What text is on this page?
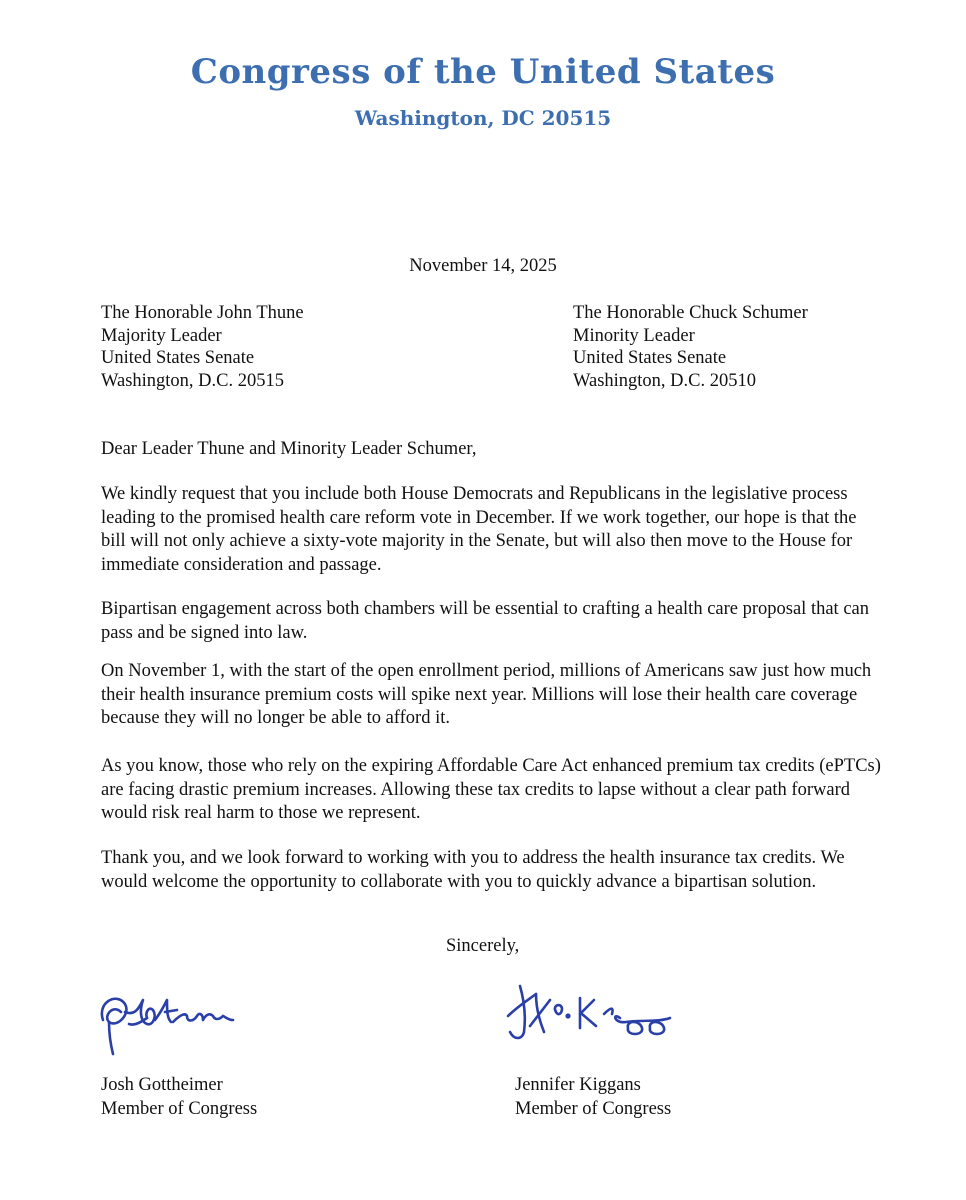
Congress of the United States
Washington, DC 20515
November 14, 2025
The Honorable John Thune
Majority Leader
United States Senate
Washington, D.C. 20515
The Honorable Chuck Schumer
Minority Leader
United States Senate
Washington, D.C. 20510

Dear Leader Thune and Minority Leader Schumer,

We kindly request that you include both House Democrats and Republicans in the legislative process leading to the promised health care reform vote in December. If we work together, our hope is that the bill will not only achieve a sixty-vote majority in the Senate, but will also then move to the House for immediate consideration and passage.

Bipartisan engagement across both chambers will be essential to crafting a health care proposal that can pass and be signed into law.

On November 1, with the start of the open enrollment period, millions of Americans saw just how much their health insurance premium costs will spike next year. Millions will lose their health care coverage because they will no longer be able to afford it.

As you know, those who rely on the expiring Affordable Care Act enhanced premium tax credits (ePTCs) are facing drastic premium increases. Allowing these tax credits to lapse without a clear path forward would risk real harm to those we represent.

Thank you, and we look forward to working with you to address the health insurance tax credits. We would welcome the opportunity to collaborate with you to quickly advance a bipartisan solution.

Sincerely,
Josh Gottheimer
Member of Congress
Jennifer Kiggans
Member of Congress
